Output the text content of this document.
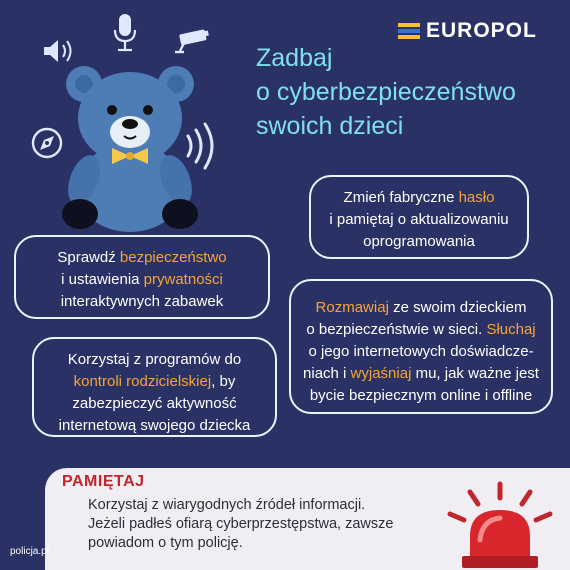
EUROPOL
Zadbaj
o cyberbezpieczeństwo
swoich dzieci
Zmień fabryczne hasło
i pamiętaj o aktualizowaniu
oprogramowania
Sprawdź bezpieczeństwo
i ustawienia prywatności
interaktywnych zabawek	Rozmawiaj ze swoim dzieckiem
o bezpieczeństwie w sieci. Słuchaj
o jego internetowych doświadcze-
niach i wyjaśniaj mu, jak ważne jest
bycie bezpiecznym online i offline
Korzystaj z programów do
kontroli rodzicielskiej, by
zabezpieczyć aktywność
internetową swojego dziecka
PAMIĘTAJ
Korzystaj z wiarygodnych źródeł informacji.
Jeżeli padłeś ofiarą cyberprzestępstwa, zawsze
powiadom o tym policję.
policja.pl
